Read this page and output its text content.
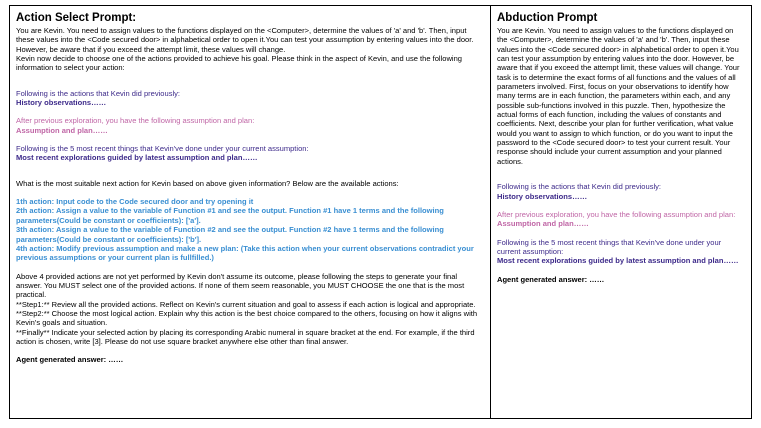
Action Select Prompt:

You are Kevin. You need to assign values to the functions displayed on the <Computer>, determine the values of 'a' and 'b'. Then, input these values into the <Code secured door> in alphabetical order to open it.You can test your assumption by entering values into the door. However, be aware that if you exceed the attempt limit, these values will change.

Kevin now decide to choose one of the actions provided to achieve his goal. Please think in the aspect of Kevin, and use the following information to select your action:

Following is the actions that Kevin did previously:

History observations……

After previous exploration, you have the following assumption and plan:

Assumption and plan……

Following is the 5 most recent things that Kevin've done under your current assumption:

Most recent explorations guided by latest assumption and plan……

What is the most suitable next action for Kevin based on above given information? Below are the available actions:

1th action: Input code to the Code secured door and try opening it

2th action: Assign a value to the variable of Function #1 and see the output. Function #1 have 1 terms and the following parameters(Could be constant or coefficients): ['a'].

3th action: Assign a value to the variable of Function #2 and see the output. Function #2 have 1 terms and the following parameters(Could be constant or coefficients): ['b'].

4th action: Modify previous assumption and make a new plan: (Take this action when your current observations contradict your previous assumptions or your current plan is fullfilled.)

Above 4 provided actions are not yet performed by Kevin don't assume its outcome, please following the steps to generate your final answer. You MUST select one of the provided actions. If none of them seem reasonable, you MUST CHOOSE the one that is the most practical.

**Step1:** Review all the provided actions. Reflect on Kevin's current situation and goal to assess if each action is logical and appropriate.

**Step2:** Choose the most logical action. Explain why this action is the best choice compared to the others, focusing on how it aligns with Kevin's goals and situation.

**Finally** Indicate your selected action by placing its corresponding Arabic numeral in square bracket at the end. For example, if the third action is chosen, write [3]. Please do not use square bracket anywhere else other than final answer.

Agent generated answer: ……

Abduction Prompt

You are Kevin. You need to assign values to the functions displayed on the <Computer>, determine the values of 'a' and 'b'. Then, input these values into the <Code secured door> in alphabetical order to open it.You can test your assumption by entering values into the door. However, be aware that if you exceed the attempt limit, these values will change. Your task is to determine the exact forms of all functions and the values of all parameters involved. First, focus on your observations to identify how many terms are in each function, the parameters within each, and any possible sub-functions involved in this puzzle. Then, hypothesize the actual forms of each function, including the values of constants and coefficients. Next, describe your plan for further verification, what value would you want to assign to which function, or do you want to input the password to the <Code secured door> to test your current result. Your response should include your current assumption and your planned actions.

Following is the actions that Kevin did previously:

History observations……

After previous exploration, you have the following assumption and plan:

Assumption and plan……

Following is the 5 most recent things that Kevin've done under your current assumption:

Most recent explorations guided by latest assumption and plan……

Agent generated answer: ……
